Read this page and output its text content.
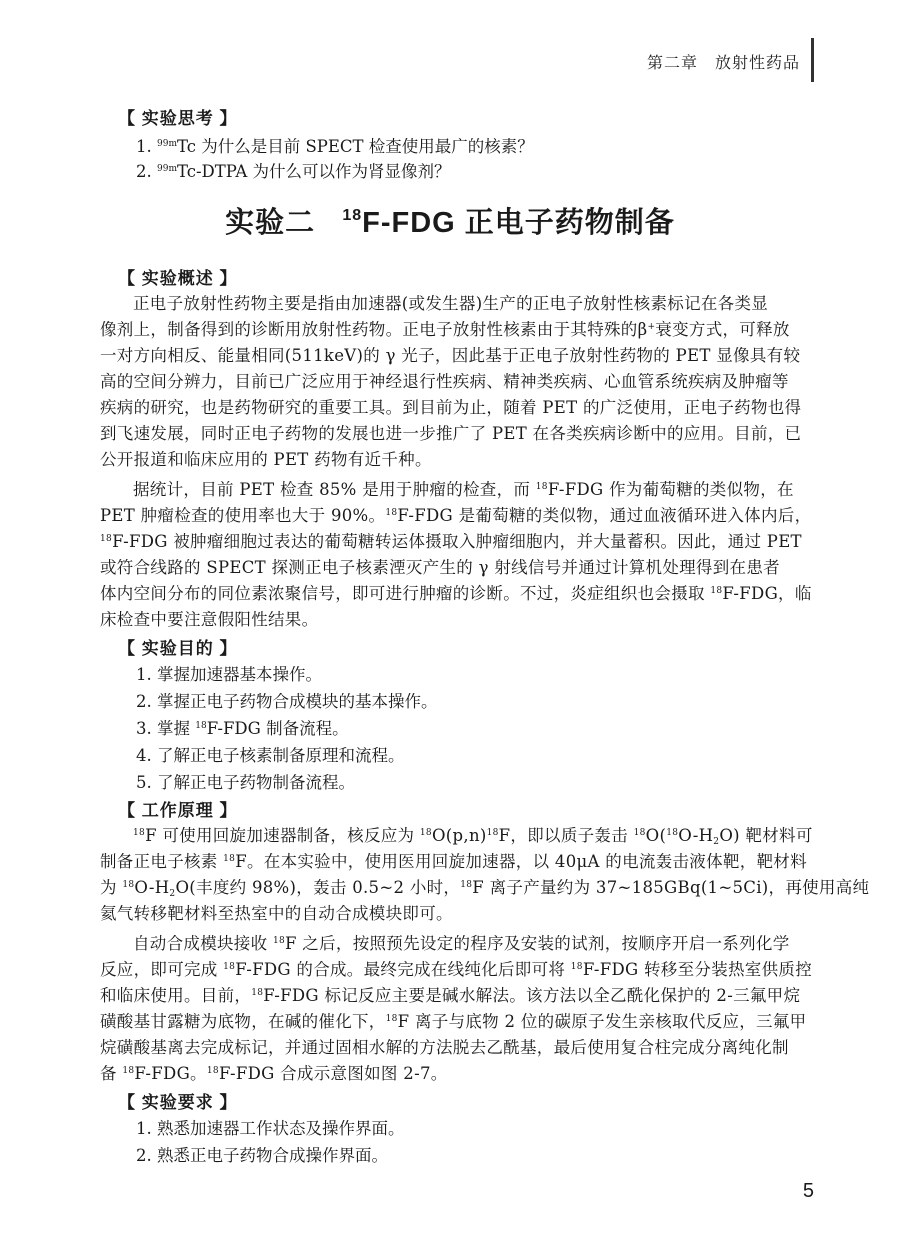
第二章　放射性药品
【 实验思考 】
1. $^{99m}$Tc 为什么是目前 SPECT 检查使用最广的核素？
2. $^{99m}$Tc-DTPA 为什么可以作为肾显像剂？
实验二 $^{18}$F-FDG 正电子药物制备
【 实验概述 】
正电子放射性药物主要是指由加速器(或发生器)生产的正电子放射性核素标记在各类显
像剂上，制备得到的诊断用放射性药物。正电子放射性核素由于其特殊的β+衰变方式，可释放
一对方向相反、能量相同(511keV)的 γ 光子，因此基于正电子放射性药物的 PET 显像具有较
高的空间分辨力，目前已广泛应用于神经退行性疾病、精神类疾病、心血管系统疾病及肿瘤等
疾病的研究，也是药物研究的重要工具。到目前为止，随着 PET 的广泛使用，正电子药物也得
到飞速发展，同时正电子药物的发展也进一步推广了 PET 在各类疾病诊断中的应用。目前，已
公开报道和临床应用的 PET 药物有近千种。
据统计，目前 PET 检查 85% 是用于肿瘤的检查，而 $^{18}$F-FDG 作为葡萄糖的类似物，在
PET 肿瘤检查的使用率也大于 90%。$^{18}$F-FDG 是葡萄糖的类似物，通过血液循环进入体内后，
$^{18}$F-FDG 被肿瘤细胞过表达的葡萄糖转运体摄取入肿瘤细胞内，并大量蓄积。因此，通过 PET
或符合线路的 SPECT 探测正电子核素湮灭产生的 γ 射线信号并通过计算机处理得到在患者
体内空间分布的同位素浓聚信号，即可进行肿瘤的诊断。不过，炎症组织也会摄取 $^{18}$F-FDG，临
床检查中要注意假阳性结果。
【 实验目的 】
1. 掌握加速器基本操作。
2. 掌握正电子药物合成模块的基本操作。
3. 掌握 $^{18}$F-FDG 制备流程。
4. 了解正电子核素制备原理和流程。
5. 了解正电子药物制备流程。
【 工作原理 】
$^{18}$F 可使用回旋加速器制备，核反应为 $^{18}O(p,n)^{18}F$，即以质子轰击 $^{18}O(^{18}O-H_2O)$ 靶材料可
制备正电子核素 $^{18}$F。在本实验中，使用医用回旋加速器，以 40μA 的电流轰击液体靶，靶材料
为 $^{18}O-H_2O$(丰度约 98%)，轰击 0.5~2 小时，$^{18}$F 离子产量约为 37~185GBq(1~5Ci)，再使用高纯
氦气转移靶材料至热室中的自动合成模块即可。
自动合成模块接收 $^{18}$F 之后，按照预先设定的程序及安装的试剂，按顺序开启一系列化学
反应，即可完成 $^{18}$F-FDG 的合成。最终完成在线纯化后即可将 $^{18}$F-FDG 转移至分装热室供质控
和临床使用。目前，$^{18}$F-FDG 标记反应主要是碱水解法。该方法以全乙酰化保护的 2-三氟甲烷
磺酸基甘露糖为底物，在碱的催化下，$^{18}$F 离子与底物 2 位的碳原子发生亲核取代反应，三氟甲
烷磺酸基离去完成标记，并通过固相水解的方法脱去乙酰基，最后使用复合柱完成分离纯化制
备 $^{18}$F-FDG。$^{18}$F-FDG 合成示意图如图 2-7。
【 实验要求 】
1. 熟悉加速器工作状态及操作界面。
2. 熟悉正电子药物合成操作界面。
5
